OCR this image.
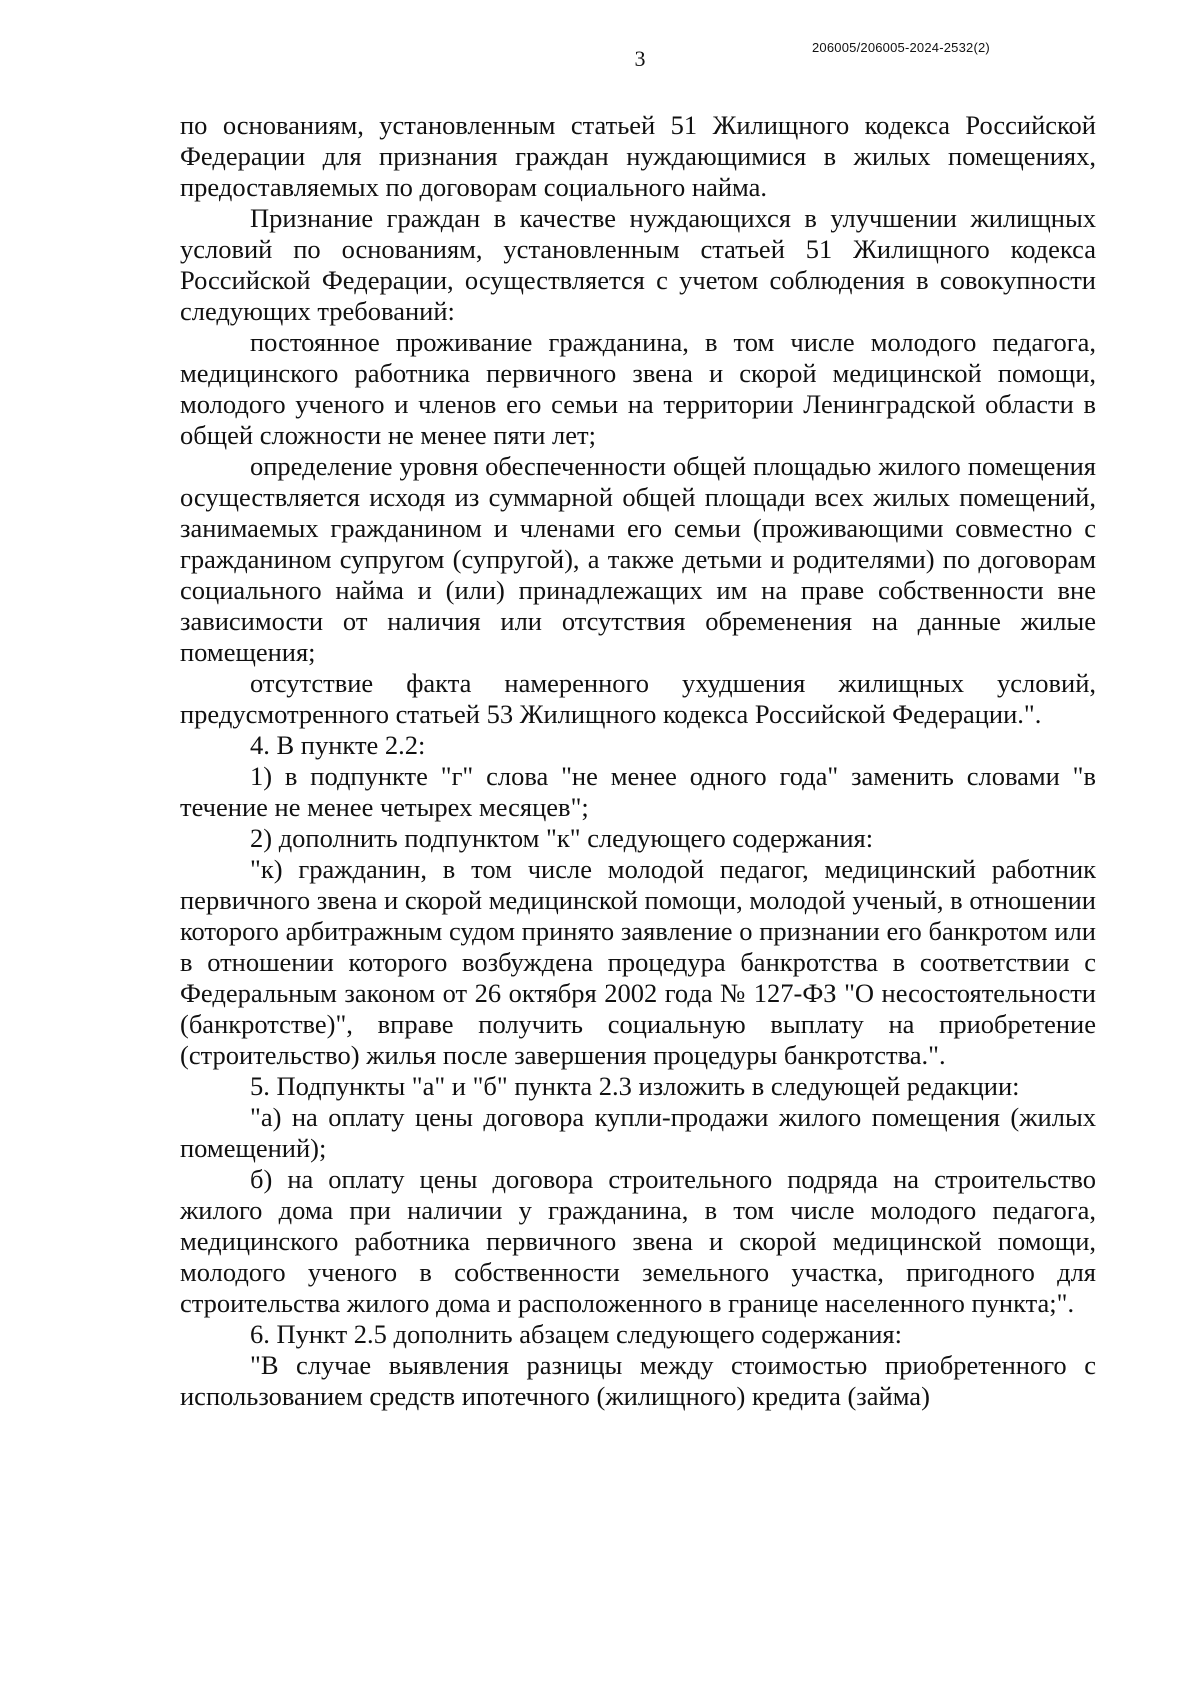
3	206005/206005-2024-2532(2)

по основаниям, установленным статьей 51 Жилищного кодекса Российской Федерации для признания граждан нуждающимися в жилых помещениях, предоставляемых по договорам социального найма.

Признание граждан в качестве нуждающихся в улучшении жилищных условий по основаниям, установленным статьей 51 Жилищного кодекса Российской Федерации, осуществляется с учетом соблюдения в совокупности следующих требований:

постоянное проживание гражданина, в том числе молодого педагога, медицинского работника первичного звена и скорой медицинской помощи, молодого ученого и членов его семьи на территории Ленинградской области в общей сложности не менее пяти лет;

определение уровня обеспеченности общей площадью жилого помещения осуществляется исходя из суммарной общей площади всех жилых помещений, занимаемых гражданином и членами его семьи (проживающими совместно с гражданином супругом (супругой), а также детьми и родителями) по договорам социального найма и (или) принадлежащих им на праве собственности вне зависимости от наличия или отсутствия обременения на данные жилые помещения;

отсутствие факта намеренного ухудшения жилищных условий, предусмотренного статьей 53 Жилищного кодекса Российской Федерации.".

4. В пункте 2.2:

1) в подпункте "г" слова "не менее одного года" заменить словами "в течение не менее четырех месяцев";

2) дополнить подпунктом "к" следующего содержания:

"к) гражданин, в том числе молодой педагог, медицинский работник первичного звена и скорой медицинской помощи, молодой ученый, в отношении которого арбитражным судом принято заявление о признании его банкротом или в отношении которого возбуждена процедура банкротства в соответствии с Федеральным законом от 26 октября 2002 года № 127-ФЗ "О несостоятельности (банкротстве)", вправе получить социальную выплату на приобретение (строительство) жилья после завершения процедуры банкротства.".

5. Подпункты "а" и "б" пункта 2.3 изложить в следующей редакции:

"а) на оплату цены договора купли-продажи жилого помещения (жилых помещений);

б) на оплату цены договора строительного подряда на строительство жилого дома при наличии у гражданина, в том числе молодого педагога, медицинского работника первичного звена и скорой медицинской помощи, молодого ученого в собственности земельного участка, пригодного для строительства жилого дома и расположенного в границе населенного пункта;".

6. Пункт 2.5 дополнить абзацем следующего содержания:

"В случае выявления разницы между стоимостью приобретенного с использованием средств ипотечного (жилищного) кредита (займа)
